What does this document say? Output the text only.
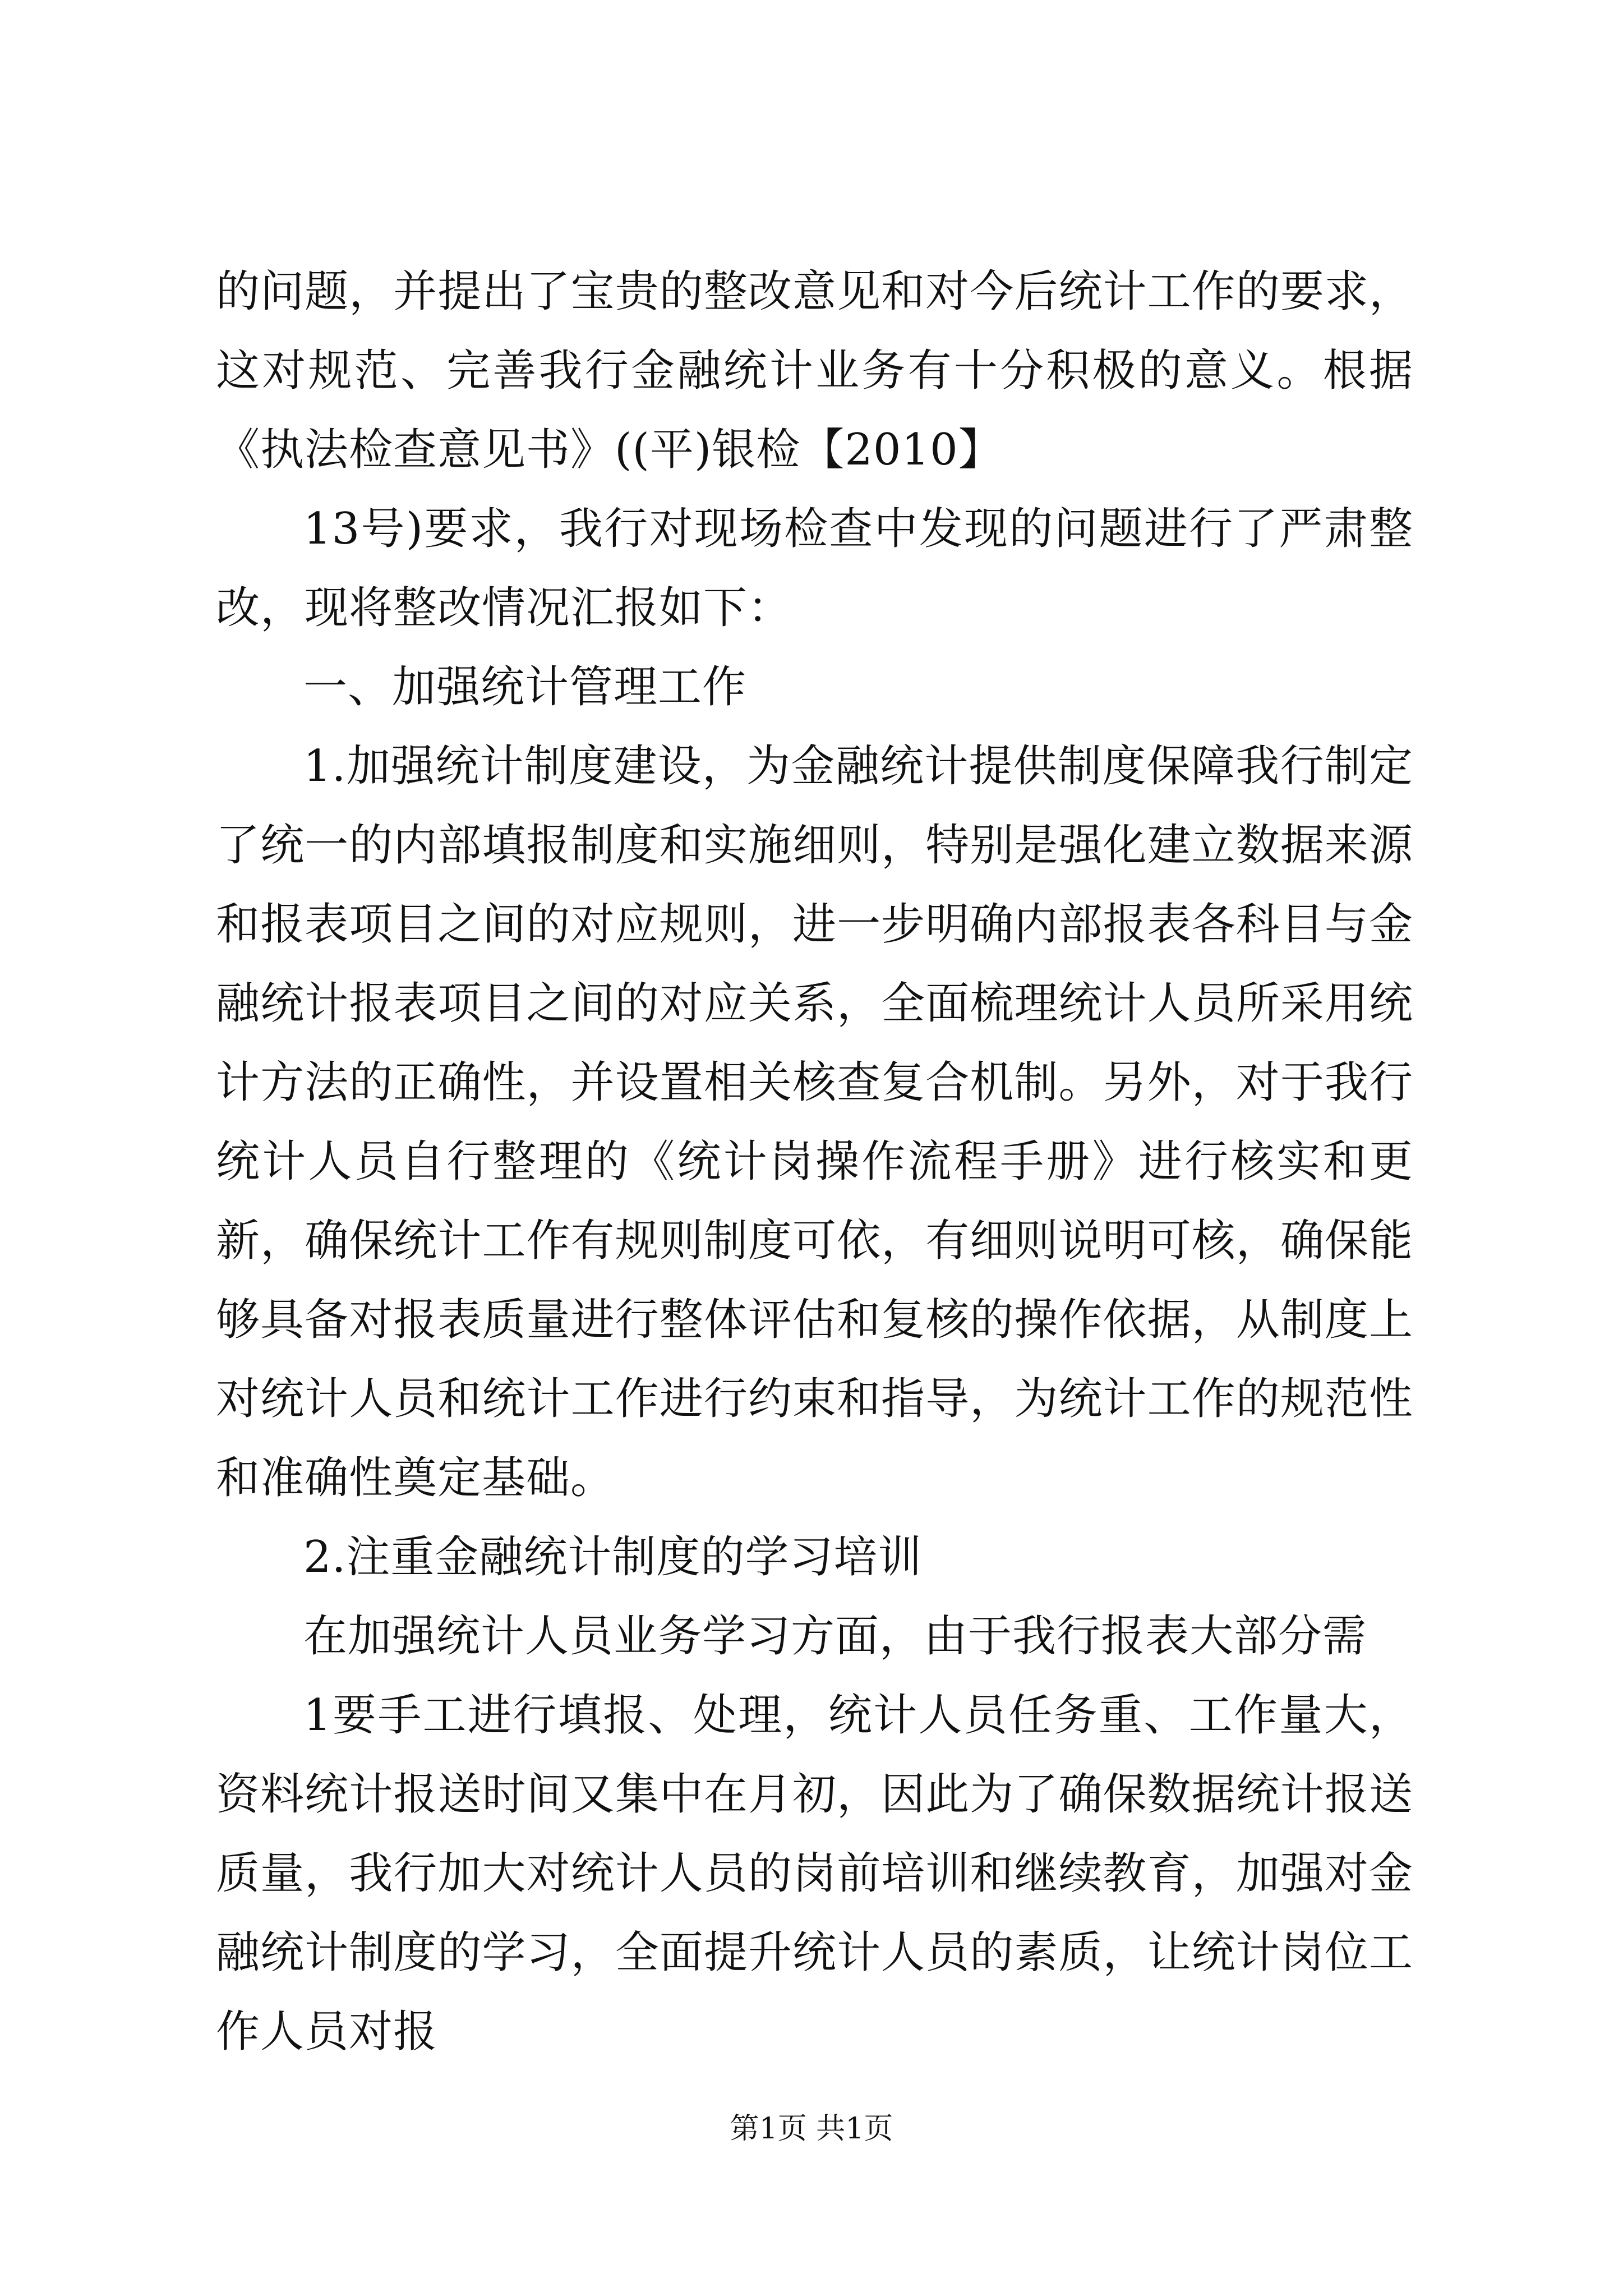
的问题，并提出了宝贵的整改意见和对今后统计工作的要求，这对规范、完善我行金融统计业务有十分积极的意义。根据《执法检查意见书》((平)银检【2010】

13号)要求，我行对现场检查中发现的问题进行了严肃整改，现将整改情况汇报如下：

一、加强统计管理工作

1.加强统计制度建设，为金融统计提供制度保障我行制定了统一的内部填报制度和实施细则，特别是强化建立数据来源和报表项目之间的对应规则，进一步明确内部报表各科目与金融统计报表项目之间的对应关系，全面梳理统计人员所采用统计方法的正确性，并设置相关核查复合机制。另外，对于我行统计人员自行整理的《统计岗操作流程手册》进行核实和更新，确保统计工作有规则制度可依，有细则说明可核，确保能够具备对报表质量进行整体评估和复核的操作依据，从制度上对统计人员和统计工作进行约束和指导，为统计工作的规范性和准确性奠定基础。

2.注重金融统计制度的学习培训

在加强统计人员业务学习方面，由于我行报表大部分需

1要手工进行填报、处理，统计人员任务重、工作量大，资料统计报送时间又集中在月初，因此为了确保数据统计报送质量，我行加大对统计人员的岗前培训和继续教育，加强对金融统计制度的学习，全面提升统计人员的素质，让统计岗位工作人员对报

第1页 共1页
